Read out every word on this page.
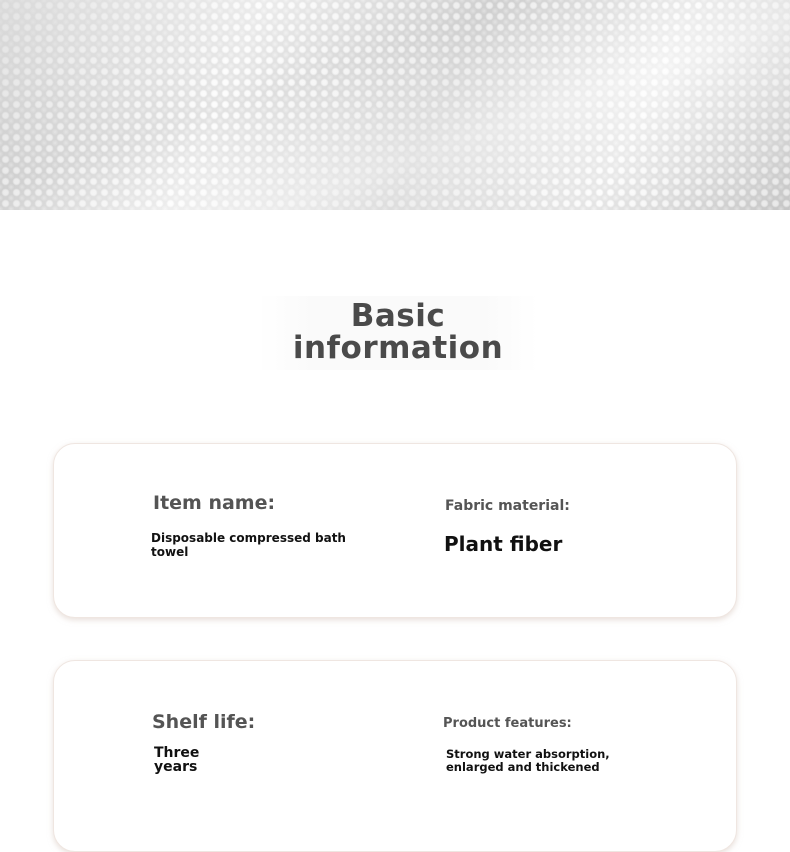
Basic
information

Item name:

Disposable compressed bath
towel

Fabric material:

Plant fiber

Shelf life:

Three
years

Product features:

Strong water absorption,
enlarged and thickened
